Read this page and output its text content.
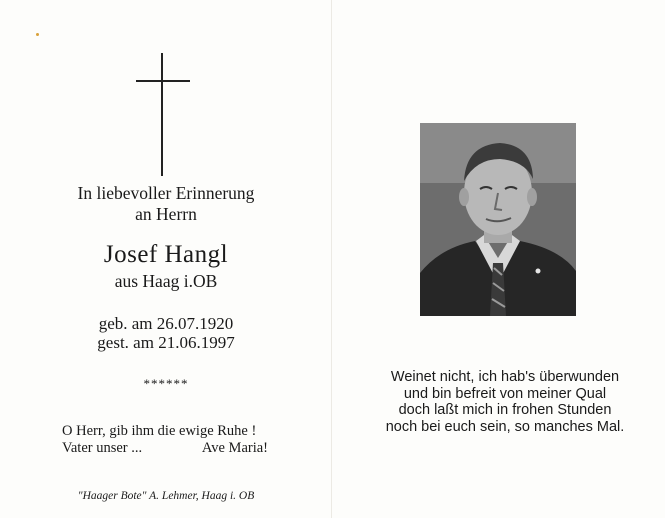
In liebevoller Erinnerung
an Herrn
Josef Hangl
aus Haag i.OB
geb. am 26.07.1920
gest. am 21.06.1997
******
O Herr, gib ihm die ewige Ruhe !
Vater unser ...	Ave Maria!
"Haager Bote" A. Lehmer, Haag i. OB
Weinet nicht, ich hab's überwunden
und bin befreit von meiner Qual
doch laßt mich in frohen Stunden
noch bei euch sein, so manches Mal.
